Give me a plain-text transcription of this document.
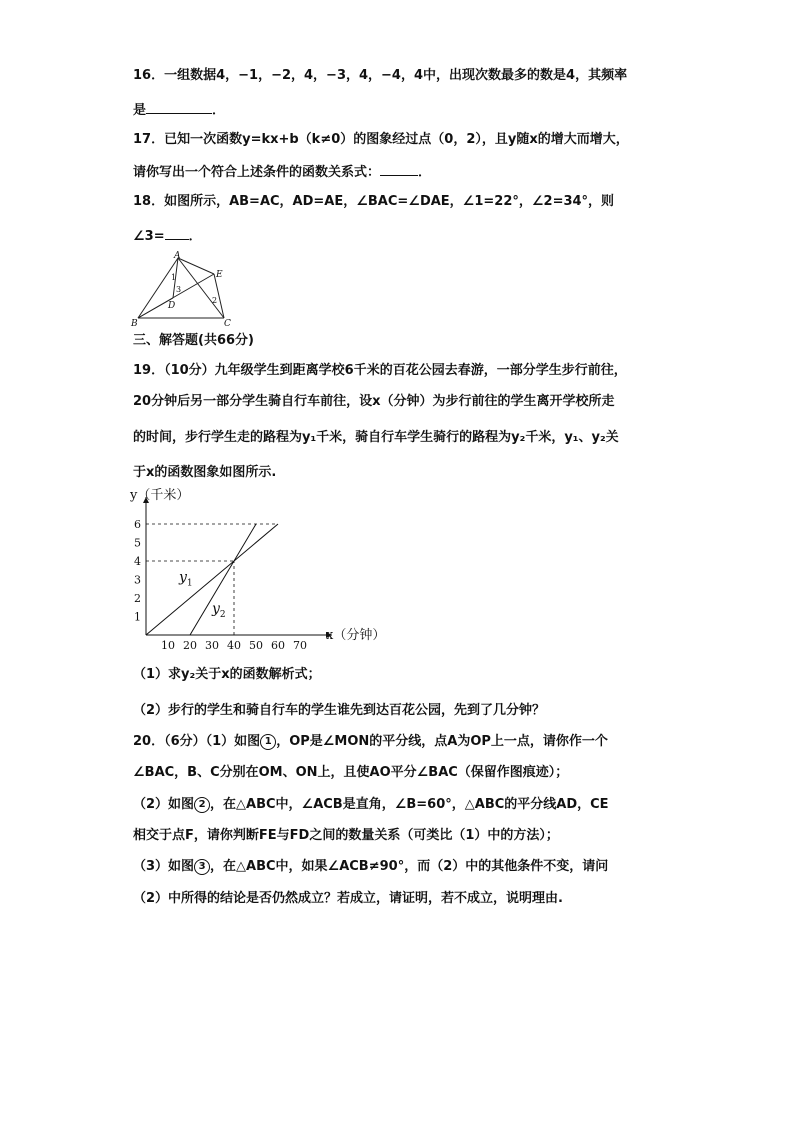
16．一组数据4，−1，−2，4，−3，4，−4，4中，出现次数最多的数是4，其频率
是	．
17．已知一次函数y=kx+b（k≠0）的图象经过点（0，2），且y随x的增大而增大，
请你写出一个符合上述条件的函数关系式：	．
18．如图所示，AB=AC，AD=AE，∠BAC=∠DAE，∠1=22°，∠2=34°，则
∠3= ．
A
B	C
D
E
1
2
3
三、解答题(共66分)
19．（10分）九年级学生到距离学校6千米的百花公园去春游，一部分学生步行前往，
20分钟后另一部分学生骑自行车前往，设x（分钟）为步行前往的学生离开学校所走
的时间，步行学生走的路程为y₁千米，骑自行车学生骑行的路程为y₂千米，y₁、y₂关
于x的函数图象如图所示.
y（千米）
x（分钟）
10 20 30 40 50 60 70
1
2
3
4
5
6
$y_1$
$y_2$
（1）求y₂关于x的函数解析式；
（2）步行的学生和骑自行车的学生谁先到达百花公园，先到了几分钟？
20．（6分）（1）如图 1 ，OP是∠MON的平分线，点A为OP上一点，请你作一个
∠BAC，B、C分别在OM、ON上，且使AO平分∠BAC（保留作图痕迹）；
（2）如图 2 ，在△ABC中，∠ACB是直角，∠B=60°，△ABC的平分线AD，CE
相交于点F，请你判断FE与FD之间的数量关系（可类比（1）中的方法）；
（3）如图 3 ，在△ABC中，如果∠ACB≠90°，而（2）中的其他条件不变，请问
（2）中所得的结论是否仍然成立？若成立，请证明，若不成立，说明理由.
